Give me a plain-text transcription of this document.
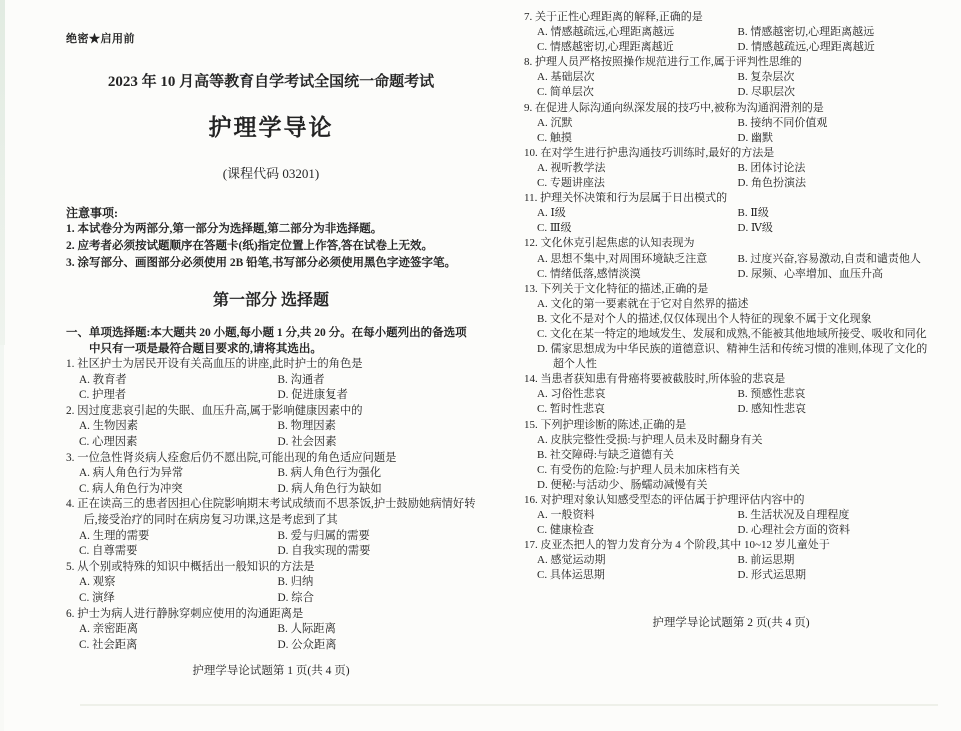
绝密★启用前
2023 年 10 月高等教育自学考试全国统一命题考试
护理学导论
(课程代码 03201)
注意事项:
1. 本试卷分为两部分,第一部分为选择题,第二部分为非选择题。
2. 应考者必须按试题顺序在答题卡(纸)指定位置上作答,答在试卷上无效。
3. 涂写部分、画图部分必须使用 2B 铅笔,书写部分必须使用黑色字迹签字笔。
第一部分 选择题
一、单项选择题:本大题共 20 小题,每小题 1 分,共 20 分。在每小题列出的备选项中只有一项是最符合题目要求的,请将其选出。
1. 社区护士为居民开设有关高血压的讲座,此时护士的角色是
A. 教育者	B. 沟通者
C. 护理者	D. 促进康复者
2. 因过度悲哀引起的失眠、血压升高,属于影响健康因素中的
A. 生物因素	B. 物理因素
C. 心理因素	D. 社会因素
3. 一位急性肾炎病人痊愈后仍不愿出院,可能出现的角色适应问题是
A. 病人角色行为异常	B. 病人角色行为强化
C. 病人角色行为冲突	D. 病人角色行为缺如
4. 正在读高三的患者因担心住院影响期末考试成绩而不思茶饭,护士鼓励她病情好转后,接受治疗的同时在病房复习功课,这是考虑到了其
A. 生理的需要	B. 爱与归属的需要
C. 自尊需要	D. 自我实现的需要
5. 从个别或特殊的知识中概括出一般知识的方法是
A. 观察	B. 归纳
C. 演绎	D. 综合
6. 护士为病人进行静脉穿刺应使用的沟通距离是
A. 亲密距离	B. 人际距离
C. 社会距离	D. 公众距离
护理学导论试题第 1 页(共 4 页)
7. 关于正性心理距离的解释,正确的是
A. 情感越疏远,心理距离越远	B. 情感越密切,心理距离越远
C. 情感越密切,心理距离越近	D. 情感越疏远,心理距离越近
8. 护理人员严格按照操作规范进行工作,属于评判性思维的
A. 基础层次	B. 复杂层次
C. 简单层次	D. 尽职层次
9. 在促进人际沟通向纵深发展的技巧中,被称为沟通润滑剂的是
A. 沉默	B. 接纳不同价值观
C. 触摸	D. 幽默
10. 在对学生进行护患沟通技巧训练时,最好的方法是
A. 视听教学法	B. 团体讨论法
C. 专题讲座法	D. 角色扮演法
11. 护理关怀决策和行为层属于日出模式的
A. Ⅰ级	B. Ⅱ级
C. Ⅲ级	D. Ⅳ级
12. 文化休克引起焦虑的认知表现为
A. 思想不集中,对周围环境缺乏注意	B. 过度兴奋,容易激动,自责和谴责他人
C. 情绪低落,感情淡漠	D. 尿频、心率增加、血压升高
13. 下列关于文化特征的描述,正确的是
A. 文化的第一要素就在于它对自然界的描述
B. 文化不是对个人的描述,仅仅体现出个人特征的现象不属于文化现象
C. 文化在某一特定的地域发生、发展和成熟,不能被其他地域所接受、吸收和同化
D. 儒家思想成为中华民族的道德意识、精神生活和传统习惯的准则,体现了文化的超个人性
14. 当患者获知患有骨癌将要被截肢时,所体验的悲哀是
A. 习俗性悲哀	B. 预感性悲哀
C. 暂时性悲哀	D. 感知性悲哀
15. 下列护理诊断的陈述,正确的是
A. 皮肤完整性受损:与护理人员未及时翻身有关
B. 社交障碍:与缺乏道德有关
C. 有受伤的危险:与护理人员未加床档有关
D. 便秘:与活动少、肠蠕动减慢有关
16. 对护理对象认知感受型态的评估属于护理评估内容中的
A. 一般资料	B. 生活状况及自理程度
C. 健康检查	D. 心理社会方面的资料
17. 皮亚杰把人的智力发育分为 4 个阶段,其中 10~12 岁儿童处于
A. 感觉运动期	B. 前运思期
C. 具体运思期	D. 形式运思期
护理学导论试题第 2 页(共 4 页)
